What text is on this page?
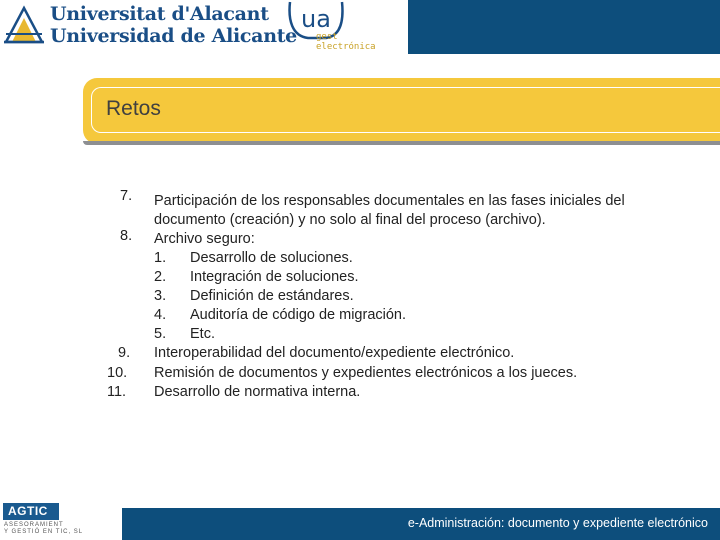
Universitat d'Alacant
Universidad de Alicante
ua
gest
electrónica
Retos
7. Participación de los responsables documentales en las fases iniciales del
documento (creación) y no solo al final del proceso (archivo).
8. Archivo seguro:
1. Desarrollo de soluciones.
2. Integración de soluciones.
3. Definición de estándares.
4. Auditoría de código de migración.
5. Etc.
9. Interoperabilidad del documento/expediente electrónico.
10. Remisión de documentos y expedientes electrónicos a los jueces.
11. Desarrollo de normativa interna.
AGTIC
ASESORAMIENT
Y GESTIÓ EN TIC, SL
e-Administración: documento y expediente electrónico
